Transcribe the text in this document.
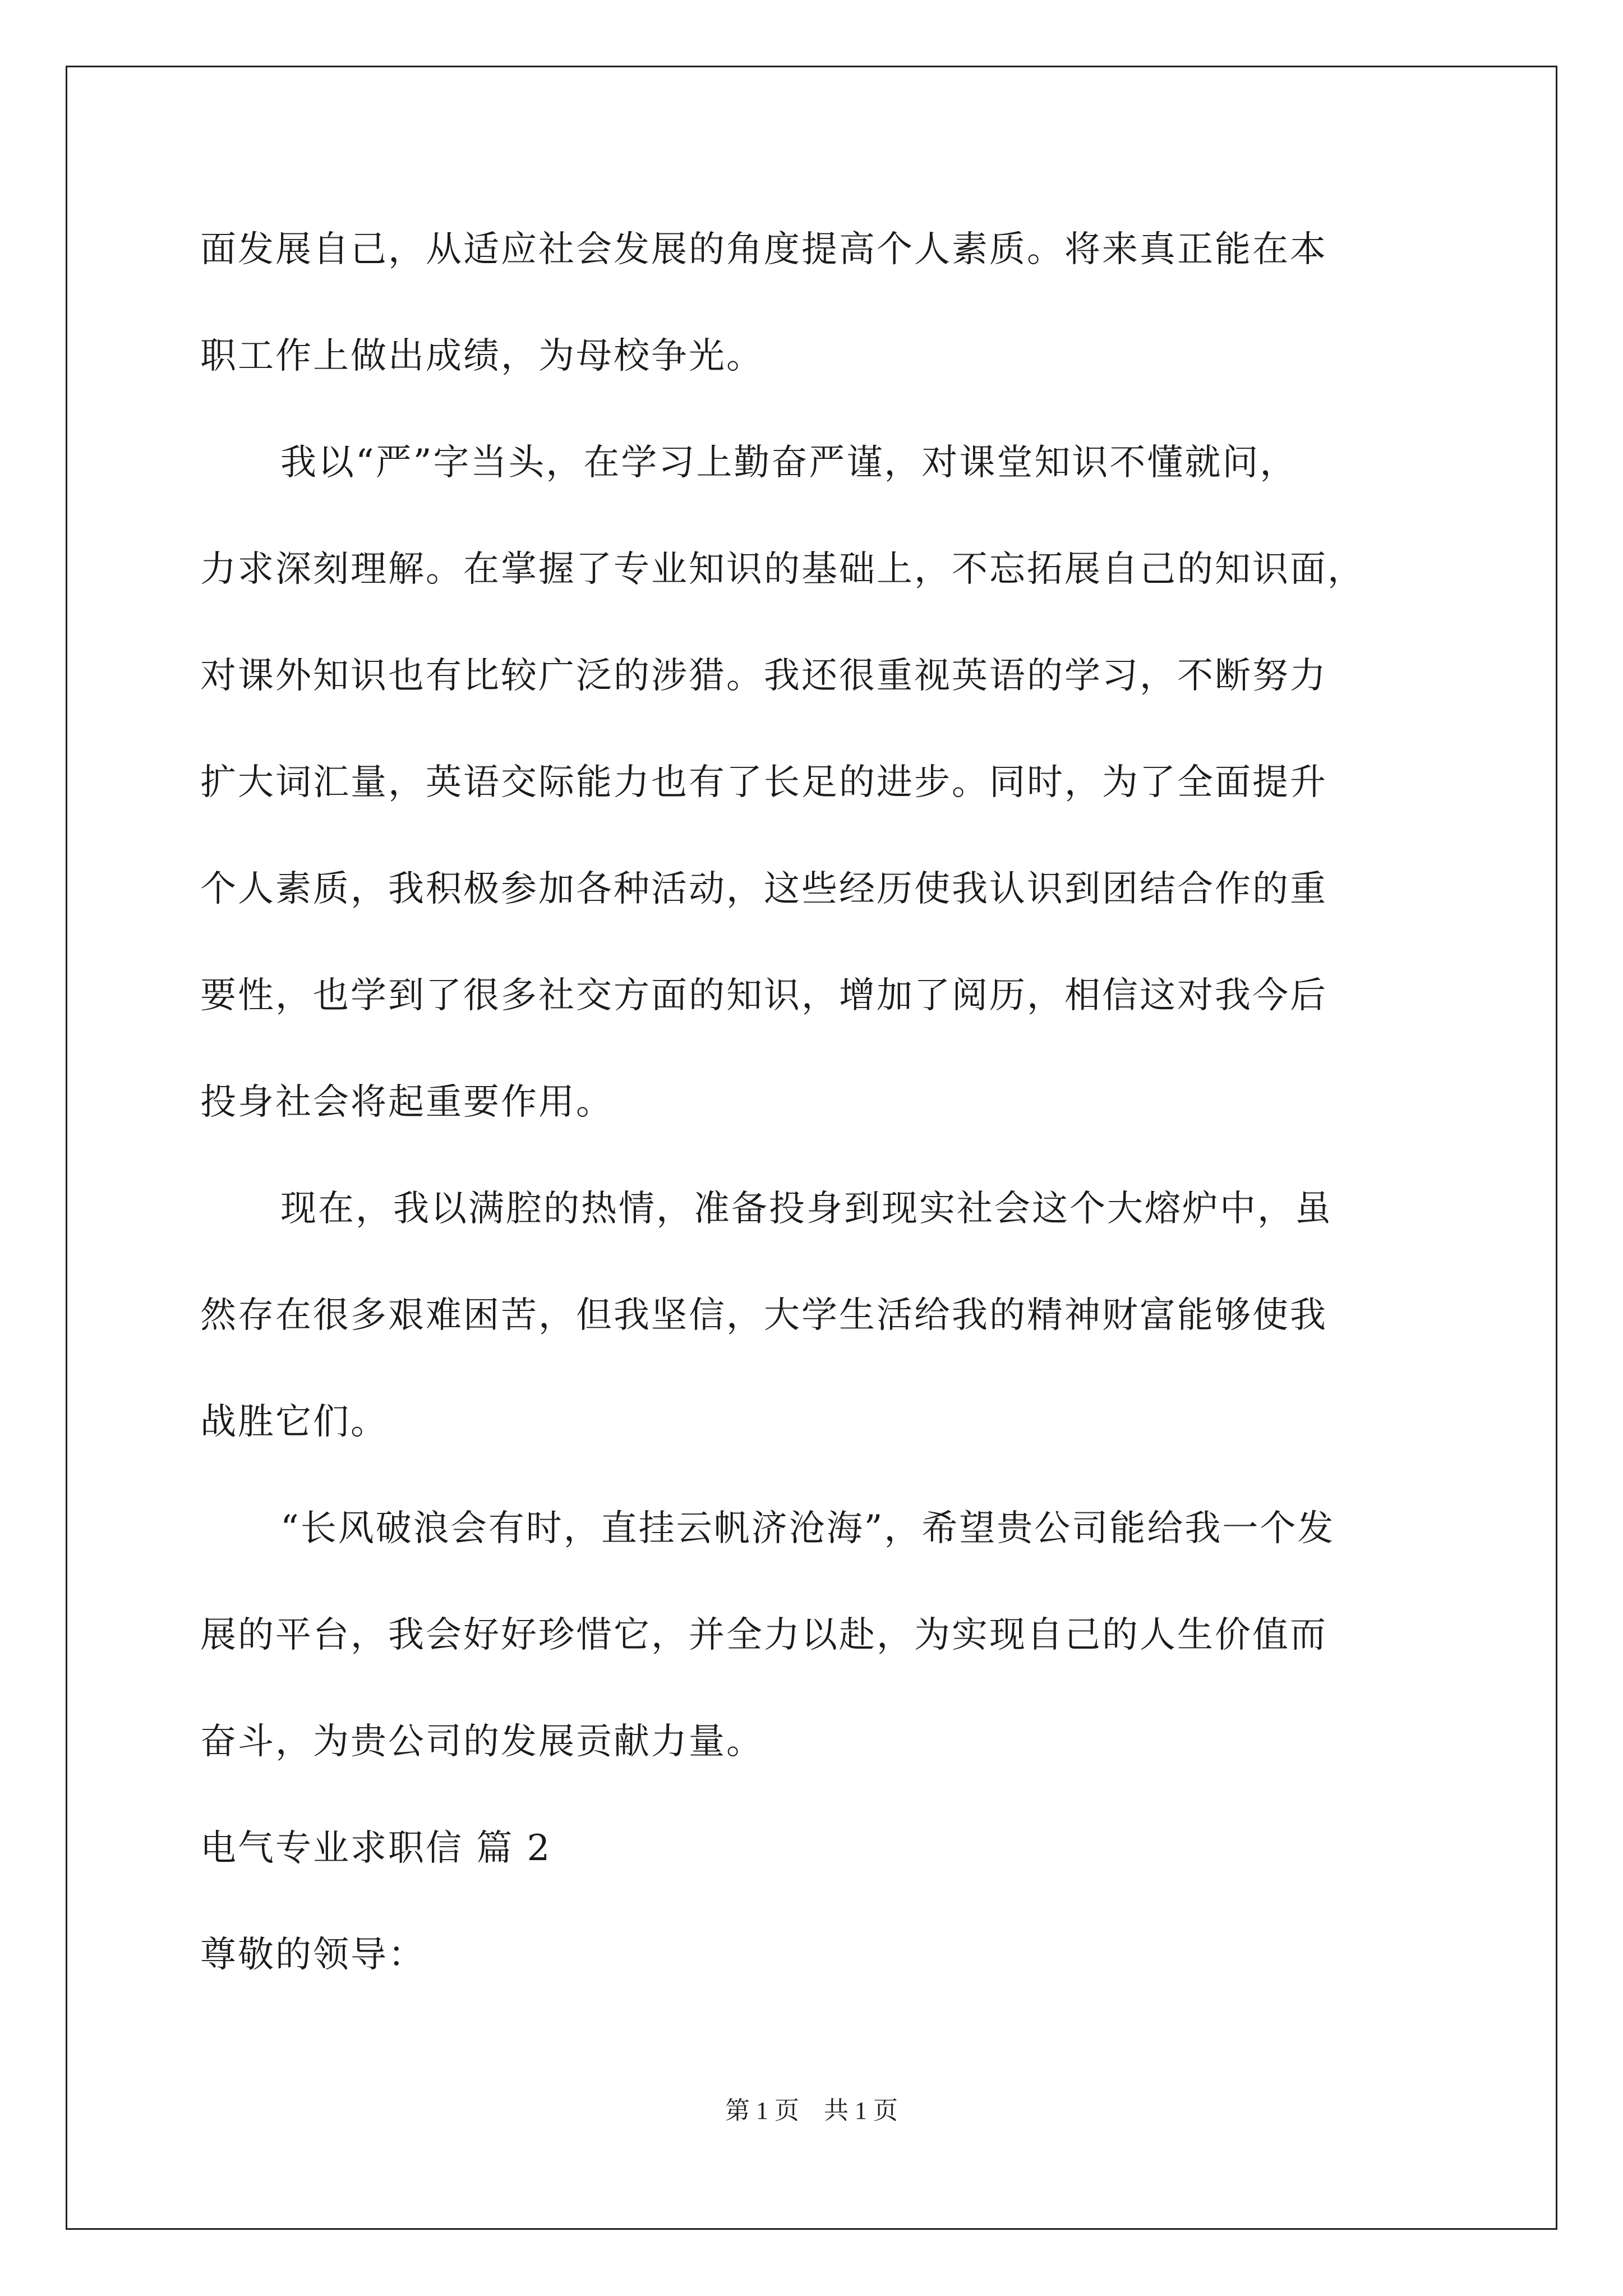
面发展自己，从适应社会发展的角度提高个人素质。将来真正能在本
职工作上做出成绩，为母校争光。
我以“严”字当头，在学习上勤奋严谨，对课堂知识不懂就问，
力求深刻理解。在掌握了专业知识的基础上，不忘拓展自己的知识面，
对课外知识也有比较广泛的涉猎。我还很重视英语的学习，不断努力
扩大词汇量，英语交际能力也有了长足的进步。同时，为了全面提升
个人素质，我积极参加各种活动，这些经历使我认识到团结合作的重
要性，也学到了很多社交方面的知识，增加了阅历，相信这对我今后
投身社会将起重要作用。
现在，我以满腔的热情，准备投身到现实社会这个大熔炉中，虽
然存在很多艰难困苦，但我坚信，大学生活给我的精神财富能够使我
战胜它们。
“长风破浪会有时，直挂云帆济沧海”，希望贵公司能给我一个发
展的平台，我会好好珍惜它，并全力以赴，为实现自己的人生价值而
奋斗，为贵公司的发展贡献力量。
电气专业求职信 篇 2
尊敬的领导：
第 1 页    共 1 页
